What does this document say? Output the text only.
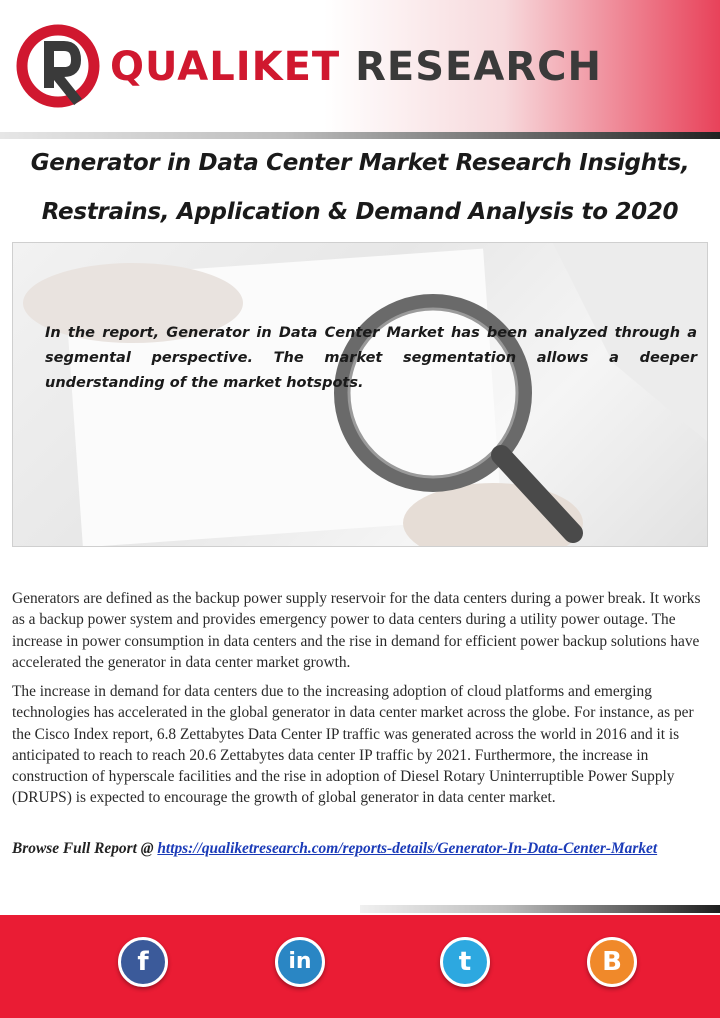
QUALIKET RESEARCH
Generator in Data Center Market Research Insights,
Restrains, Application & Demand Analysis to 2020
In the report, Generator in Data Center Market has been analyzed through a segmental perspective. The market segmentation allows a deeper understanding of the market hotspots.
Generators are defined as the backup power supply reservoir for the data centers during a power break. It works as a backup power system and provides emergency power to data centers during a utility power outage. The increase in power consumption in data centers and the rise in demand for efficient power backup solutions have accelerated the generator in data center market growth.
The increase in demand for data centers due to the increasing adoption of cloud platforms and emerging technologies has accelerated in the global generator in data center market across the globe. For instance, as per the Cisco Index report, 6.8 Zettabytes Data Center IP traffic was generated across the world in 2016 and it is anticipated to reach to reach 20.6 Zettabytes data center IP traffic by 2021. Furthermore, the increase in construction of hyperscale facilities and the rise in adoption of Diesel Rotary Uninterruptible Power Supply (DRUPS) is expected to encourage the growth of global generator in data center market.
Browse Full Report @ https://qualiketresearch.com/reports-details/Generator-In-Data-Center-Market
f	in	t	B
